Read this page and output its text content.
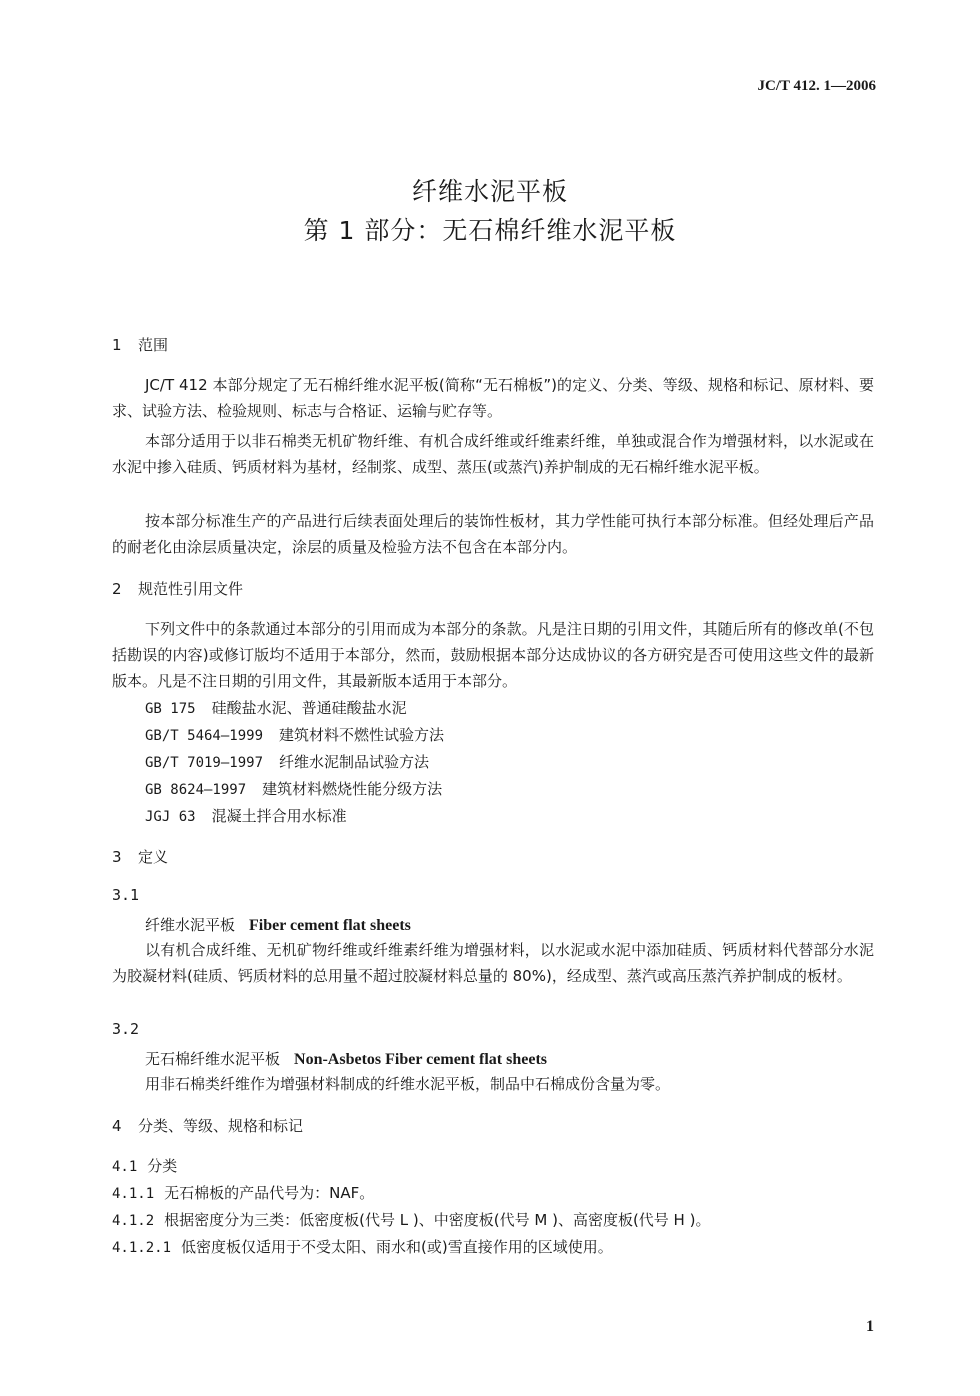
JC/T 412. 1—2006
纤维水泥平板
第 1 部分：无石棉纤维水泥平板
1 范围
JC/T 412 本部分规定了无石棉纤维水泥平板(简称“无石棉板”)的定义、分类、等级、规格和标记、原材料、要求、试验方法、检验规则、标志与合格证、运输与贮存等。
本部分适用于以非石棉类无机矿物纤维、有机合成纤维或纤维素纤维，单独或混合作为增强材料，以水泥或在水泥中掺入硅质、钙质材料为基材，经制浆、成型、蒸压(或蒸汽)养护制成的无石棉纤维水泥平板。
按本部分标准生产的产品进行后续表面处理后的装饰性板材，其力学性能可执行本部分标准。但经处理后产品的耐老化由涂层质量决定，涂层的质量及检验方法不包含在本部分内。
2 规范性引用文件
下列文件中的条款通过本部分的引用而成为本部分的条款。凡是注日期的引用文件，其随后所有的修改单(不包括勘误的内容)或修订版均不适用于本部分，然而，鼓励根据本部分达成协议的各方研究是否可使用这些文件的最新版本。凡是不注日期的引用文件，其最新版本适用于本部分。
GB 175 硅酸盐水泥、普通硅酸盐水泥
GB/T 5464—1999 建筑材料不燃性试验方法
GB/T 7019—1997 纤维水泥制品试验方法
GB 8624—1997 建筑材料燃烧性能分级方法
JGJ 63 混凝土拌合用水标准
3 定义
3.1
纤维水泥平板 Fiber cement flat sheets
以有机合成纤维、无机矿物纤维或纤维素纤维为增强材料，以水泥或水泥中添加硅质、钙质材料代替部分水泥为胶凝材料(硅质、钙质材料的总用量不超过胶凝材料总量的 80%)，经成型、蒸汽或高压蒸汽养护制成的板材。
3.2
无石棉纤维水泥平板 Non-Asbetos Fiber cement flat sheets
用非石棉类纤维作为增强材料制成的纤维水泥平板，制品中石棉成份含量为零。
4 分类、等级、规格和标记
4.1 分类
4.1.1 无石棉板的产品代号为：NAF。
4.1.2 根据密度分为三类：低密度板(代号 L )、中密度板(代号 M )、高密度板(代号 H )。
4.1.2.1 低密度板仅适用于不受太阳、雨水和(或)雪直接作用的区域使用。
1
